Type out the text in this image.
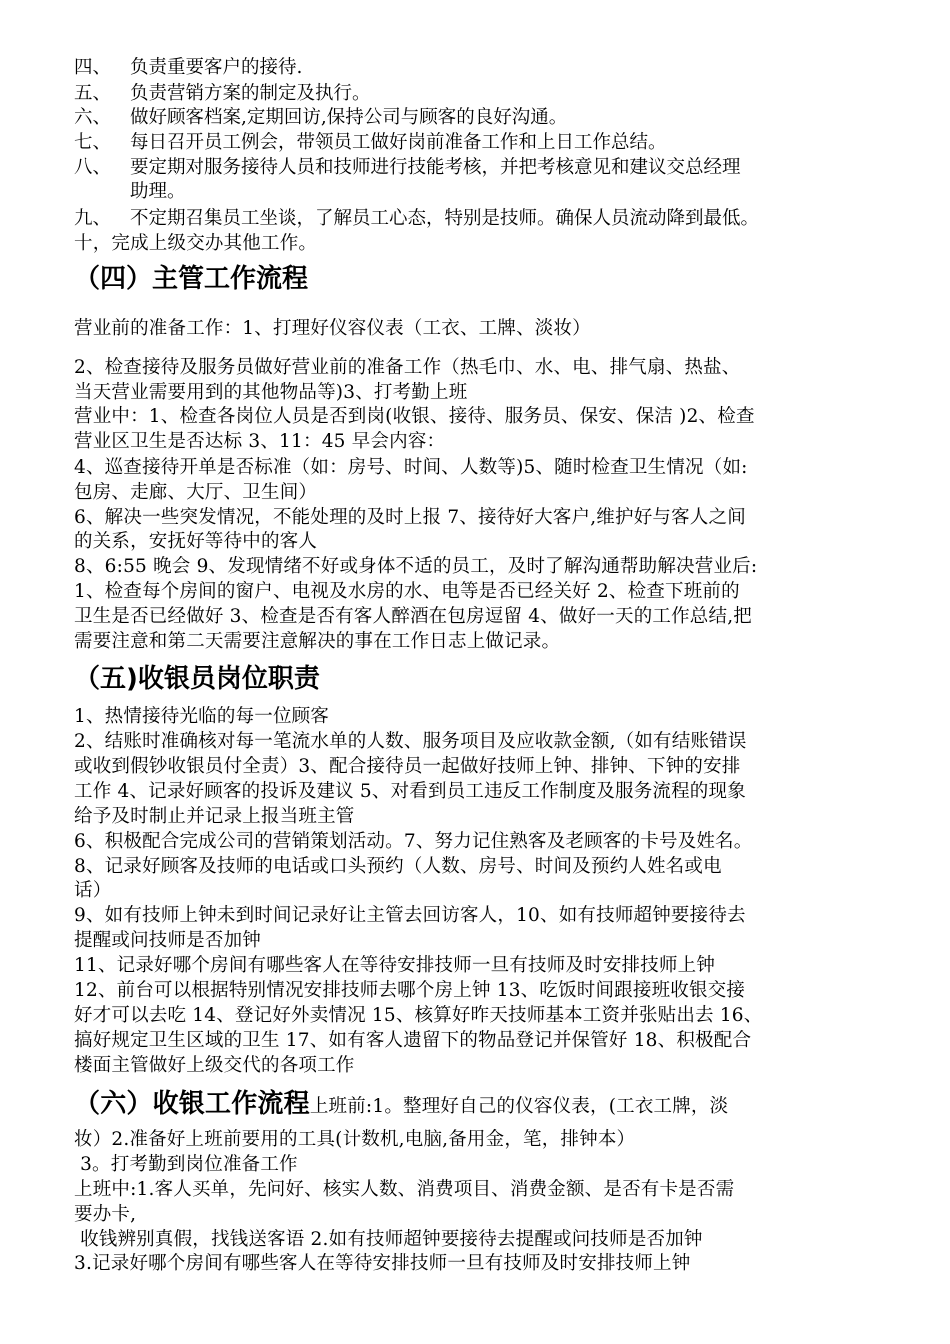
四、 负责重要客户的接待.
五、 负责营销方案的制定及执行。
六、 做好顾客档案,定期回访,保持公司与顾客的良好沟通。
七、 每日召开员工例会，带领员工做好岗前准备工作和上日工作总结。
八、 要定期对服务接待人员和技师进行技能考核，并把考核意见和建议交总经理
助理。
九、 不定期召集员工坐谈，了解员工心态，特别是技师。确保人员流动降到最低。
十，完成上级交办其他工作。
（四）主管工作流程
营业前的准备工作：1、打理好仪容仪表（工衣、工牌、淡妆）
2、检查接待及服务员做好营业前的准备工作（热毛巾、水、电、排气扇、热盐、
当天营业需要用到的其他物品等)3、打考勤上班
营业中：1、检查各岗位人员是否到岗(收银、接待、服务员、保安、保洁 )2、检查
营业区卫生是否达标 3、11：45 早会内容：
4、巡查接待开单是否标准（如：房号、时间、人数等)5、随时检查卫生情况（如:
包房、走廊、大厅、卫生间）
6、解决一些突发情况，不能处理的及时上报 7、接待好大客户,维护好与客人之间
的关系，安抚好等待中的客人
8、6:55 晚会 9、发现情绪不好或身体不适的员工，及时了解沟通帮助解决营业后:
1、检查每个房间的窗户、电视及水房的水、电等是否已经关好 2、检查下班前的
卫生是否已经做好 3、检查是否有客人醉酒在包房逗留 4、做好一天的工作总结,把
需要注意和第二天需要注意解决的事在工作日志上做记录。
（五)收银员岗位职责
1、热情接待光临的每一位顾客
2、结账时准确核对每一笔流水单的人数、服务项目及应收款金额,（如有结账错误
或收到假钞收银员付全责）3、配合接待员一起做好技师上钟、排钟、下钟的安排
工作 4、记录好顾客的投诉及建议 5、对看到员工违反工作制度及服务流程的现象
给予及时制止并记录上报当班主管
6、积极配合完成公司的营销策划活动。7、努力记住熟客及老顾客的卡号及姓名。
8、记录好顾客及技师的电话或口头预约（人数、房号、时间及预约人姓名或电
话）
9、如有技师上钟未到时间记录好让主管去回访客人，10、如有技师超钟要接待去
提醒或问技师是否加钟
11、记录好哪个房间有哪些客人在等待安排技师一旦有技师及时安排技师上钟
12、前台可以根据特别情况安排技师去哪个房上钟 13、吃饭时间跟接班收银交接
好才可以去吃 14、登记好外卖情况 15、核算好昨天技师基本工资并张贴出去 16、
搞好规定卫生区域的卫生 17、如有客人遗留下的物品登记并保管好 18、积极配合
楼面主管做好上级交代的各项工作
（六）收银工作流程上班前:1。整理好自己的仪容仪表，(工衣工牌，淡
妆）2.准备好上班前要用的工具(计数机,电脑,备用金，笔，排钟本）
3。打考勤到岗位准备工作
上班中:1.客人买单，先问好、核实人数、消费项目、消费金额、是否有卡是否需
要办卡,
收钱辨别真假，找钱送客语 2.如有技师超钟要接待去提醒或问技师是否加钟
3.记录好哪个房间有哪些客人在等待安排技师一旦有技师及时安排技师上钟
